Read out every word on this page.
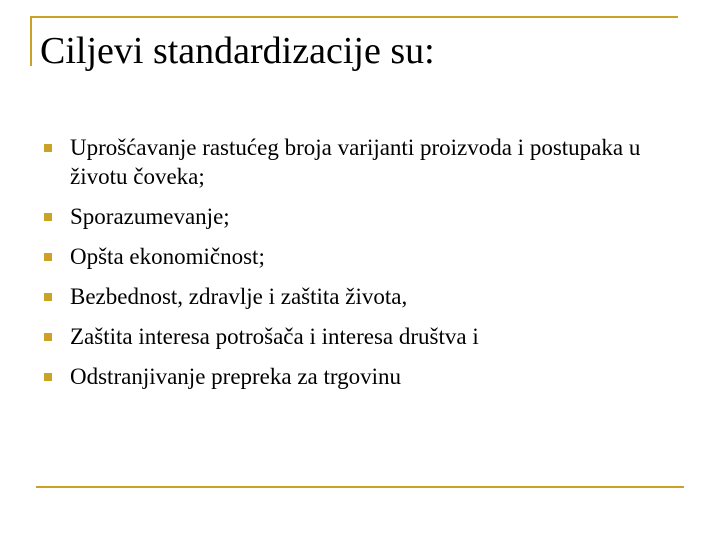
Ciljevi standardizacije su:
Uprošćavanje rastućeg broja varijanti proizvoda i postupaka u životu čoveka;
Sporazumevanje;
Opšta ekonomičnost;
Bezbednost, zdravlje i zaštita života,
Zaštita interesa potrošača i interesa društva i
Odstranjivanje prepreka za trgovinu
